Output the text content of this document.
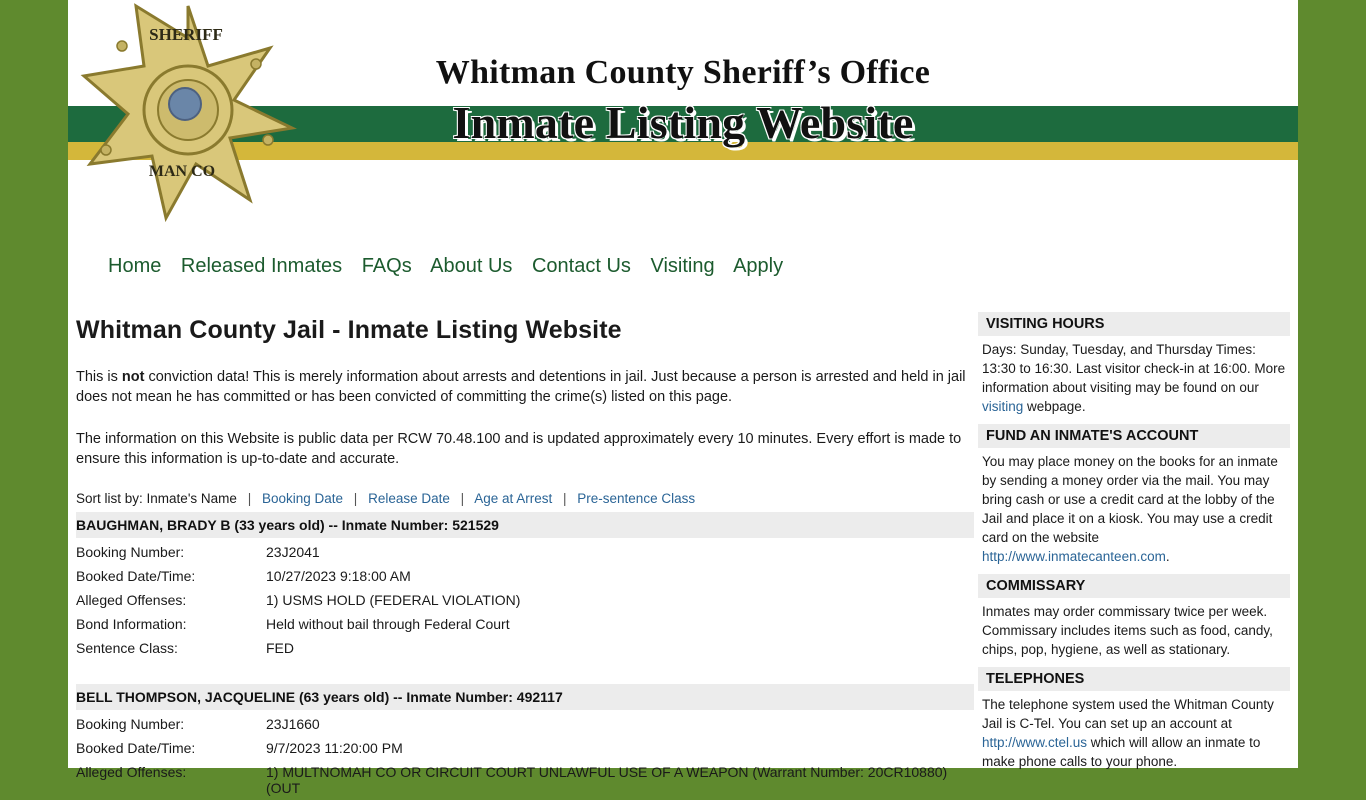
Whitman County Sheriff’s Office
Inmate Listing Website
SHERIFF
MAN CO
Home Released Inmates FAQs About Us Contact Us Visiting Apply
Whitman County Jail - Inmate Listing Website

This is not conviction data! This is merely information about arrests and detentions in jail. Just because a person is arrested and held in jail does not mean he has committed or has been convicted of committing the crime(s) listed on this page.

The information on this Website is public data per RCW 70.48.100 and is updated approximately every 10 minutes. Every effort is made to ensure this information is up-to-date and accurate.

Sort list by: Inmate's Name | Booking Date | Release Date | Age at Arrest | Pre-sentence Class
BAUGHMAN, BRADY B (33 years old) -- Inmate Number: 521529
Booking Number:	23J2041
Booked Date/Time:	10/27/2023 9:18:00 AM
Alleged Offenses:	1) USMS HOLD (FEDERAL VIOLATION)
Bond Information:	Held without bail through Federal Court
Sentence Class:	FED
BELL THOMPSON, JACQUELINE (63 years old) -- Inmate Number: 492117
Booking Number:	23J1660
Booked Date/Time:	9/7/2023 11:20:00 PM
Alleged Offenses:	1) MULTNOMAH CO OR CIRCUIT COURT UNLAWFUL USE OF A WEAPON (Warrant Number: 20CR10880) (OUT
VISITING HOURS
Days: Sunday, Tuesday, and Thursday Times: 13:30 to 16:30. Last visitor check-in at 16:00. More information about visiting may be found on our visiting webpage.
FUND AN INMATE'S ACCOUNT
You may place money on the books for an inmate by sending a money order via the mail. You may bring cash or use a credit card at the lobby of the Jail and place it on a kiosk. You may use a credit card on the website http://www.inmatecanteen.com.
COMMISSARY
Inmates may order commissary twice per week. Commissary includes items such as food, candy, chips, pop, hygiene, as well as stationary.
TELEPHONES
The telephone system used the Whitman County Jail is C-Tel. You can set up an account at http://www.ctel.us which will allow an inmate to make phone calls to your phone.
